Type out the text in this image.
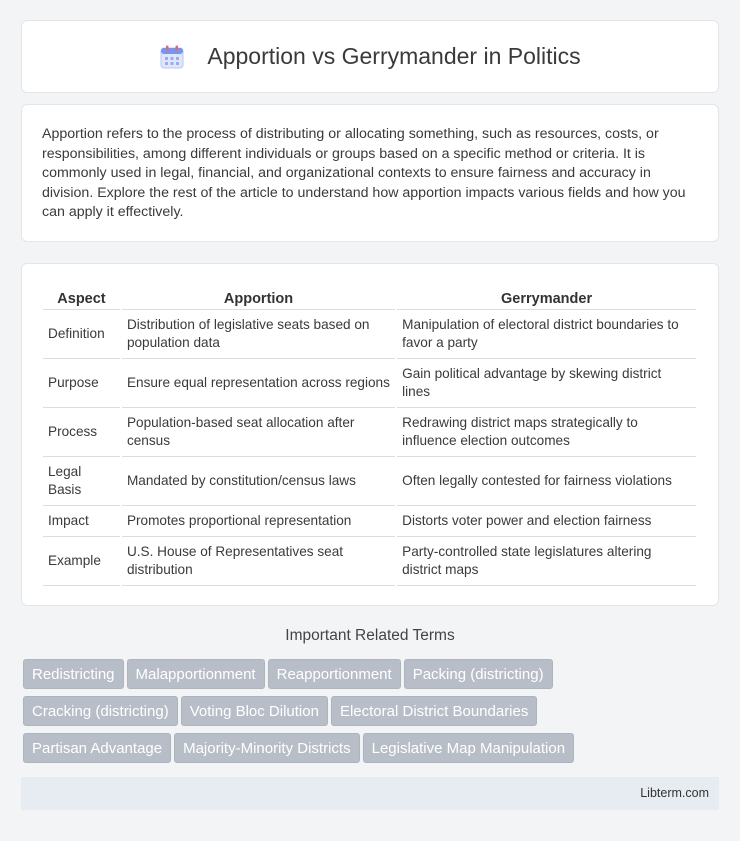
Apportion vs Gerrymander in Politics

Apportion refers to the process of distributing or allocating something, such as resources, costs, or responsibilities, among different individuals or groups based on a specific method or criteria. It is commonly used in legal, financial, and organizational contexts to ensure fairness and accuracy in division. Explore the rest of the article to understand how apportion impacts various fields and how you can apply it effectively.

Aspect	Apportion	Gerrymander
Definition	Distribution of legislative seats based on population data	Manipulation of electoral district boundaries to favor a party
Purpose	Ensure equal representation across regions	Gain political advantage by skewing district lines
Process	Population-based seat allocation after census	Redrawing district maps strategically to influence election outcomes
Legal Basis	Mandated by constitution/census laws	Often legally contested for fairness violations
Impact	Promotes proportional representation	Distorts voter power and election fairness
Example	U.S. House of Representatives seat distribution	Party-controlled state legislatures altering district maps
Important Related Terms
Redistricting Malapportionment Reapportionment Packing (districting)
Cracking (districting) Voting Bloc Dilution Electoral District Boundaries
Partisan Advantage Majority-Minority Districts Legislative Map Manipulation
Libterm.com
